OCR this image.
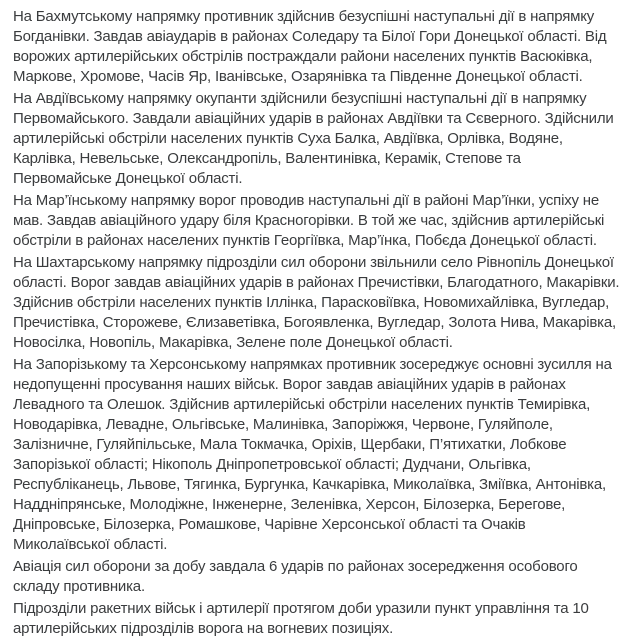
На Бахмутському напрямку противник здійснив безуспішні наступальні дії в напрямку Богданівки. Завдав авіаударів в районах Соледару та Білої Гори Донецької області. Від ворожих артилерійських обстрілів постраждали райони населених пунктів Васюківка, Маркове, Хромове, Часів Яр, Іванівське, Озарянівка та Південне Донецької області.

На Авдіївському напрямку окупанти здійснили безуспішні наступальні дії в напрямку Первомайського. Завдали авіаційних ударів в районах Авдіївки та Сєверного. Здійснили артилерійські обстріли населених пунктів Суха Балка, Авдіївка, Орлівка, Водяне, Карлівка, Невельське, Олександропіль, Валентинівка, Керамік, Степове та Первомайське Донецької області.

На Мар’їнському напрямку ворог проводив наступальні дії в районі Мар’їнки, успіху не мав. Завдав авіаційного удару біля Красногорівки. В той же час, здійснив артилерійські обстріли в районах населених пунктів Георгіївка, Мар’їнка, Побєда Донецької області.

На Шахтарському напрямку підрозділи сил оборони звільнили село Рівнопіль Донецької області. Ворог завдав авіаційних ударів в районах Пречистівки, Благодатного, Макарівки. Здійснив обстріли населених пунктів Іллінка, Парасковіївка, Новомихайлівка, Вугледар, Пречистівка, Сторожеве, Єлизаветівка, Богоявленка, Вугледар, Золота Нива, Макарівка, Новосілка, Новопіль, Макарівка, Зелене поле Донецької області.

На Запорізькому та Херсонському напрямках противник зосереджує основні зусилля на недопущенні просування наших військ. Ворог завдав авіаційних ударів в районах Левадного та Олешок. Здійснив артилерійські обстріли населених пунктів Темирівка, Новодарівка, Левадне, Ольгівське, Малинівка, Запоріжжя, Червоне, Гуляйполе, Залізничне, Гуляйпільське, Мала Токмачка, Оріхів, Щербаки, П’ятихатки, Лобкове Запорізької області; Нікополь Дніпропетровської області; Дудчани, Ольгівка, Республіканець, Львове, Тягинка, Бургунка, Качкарівка, Миколаївка, Зміївка, Антонівка, Наддніпрянське, Молодіжне, Інженерне, Зеленівка, Херсон, Білозерка, Берегове, Дніпровське, Білозерка, Ромашкове, Чарівне Херсонської області та Очаків Миколаївської області.

Авіація сил оборони за добу завдала 6 ударів по районах зосередження особового складу противника.

Підрозділи ракетних військ і артилерії протягом доби уразили пункт управління та 10 артилерійських підрозділів ворога на вогневих позиціях.
